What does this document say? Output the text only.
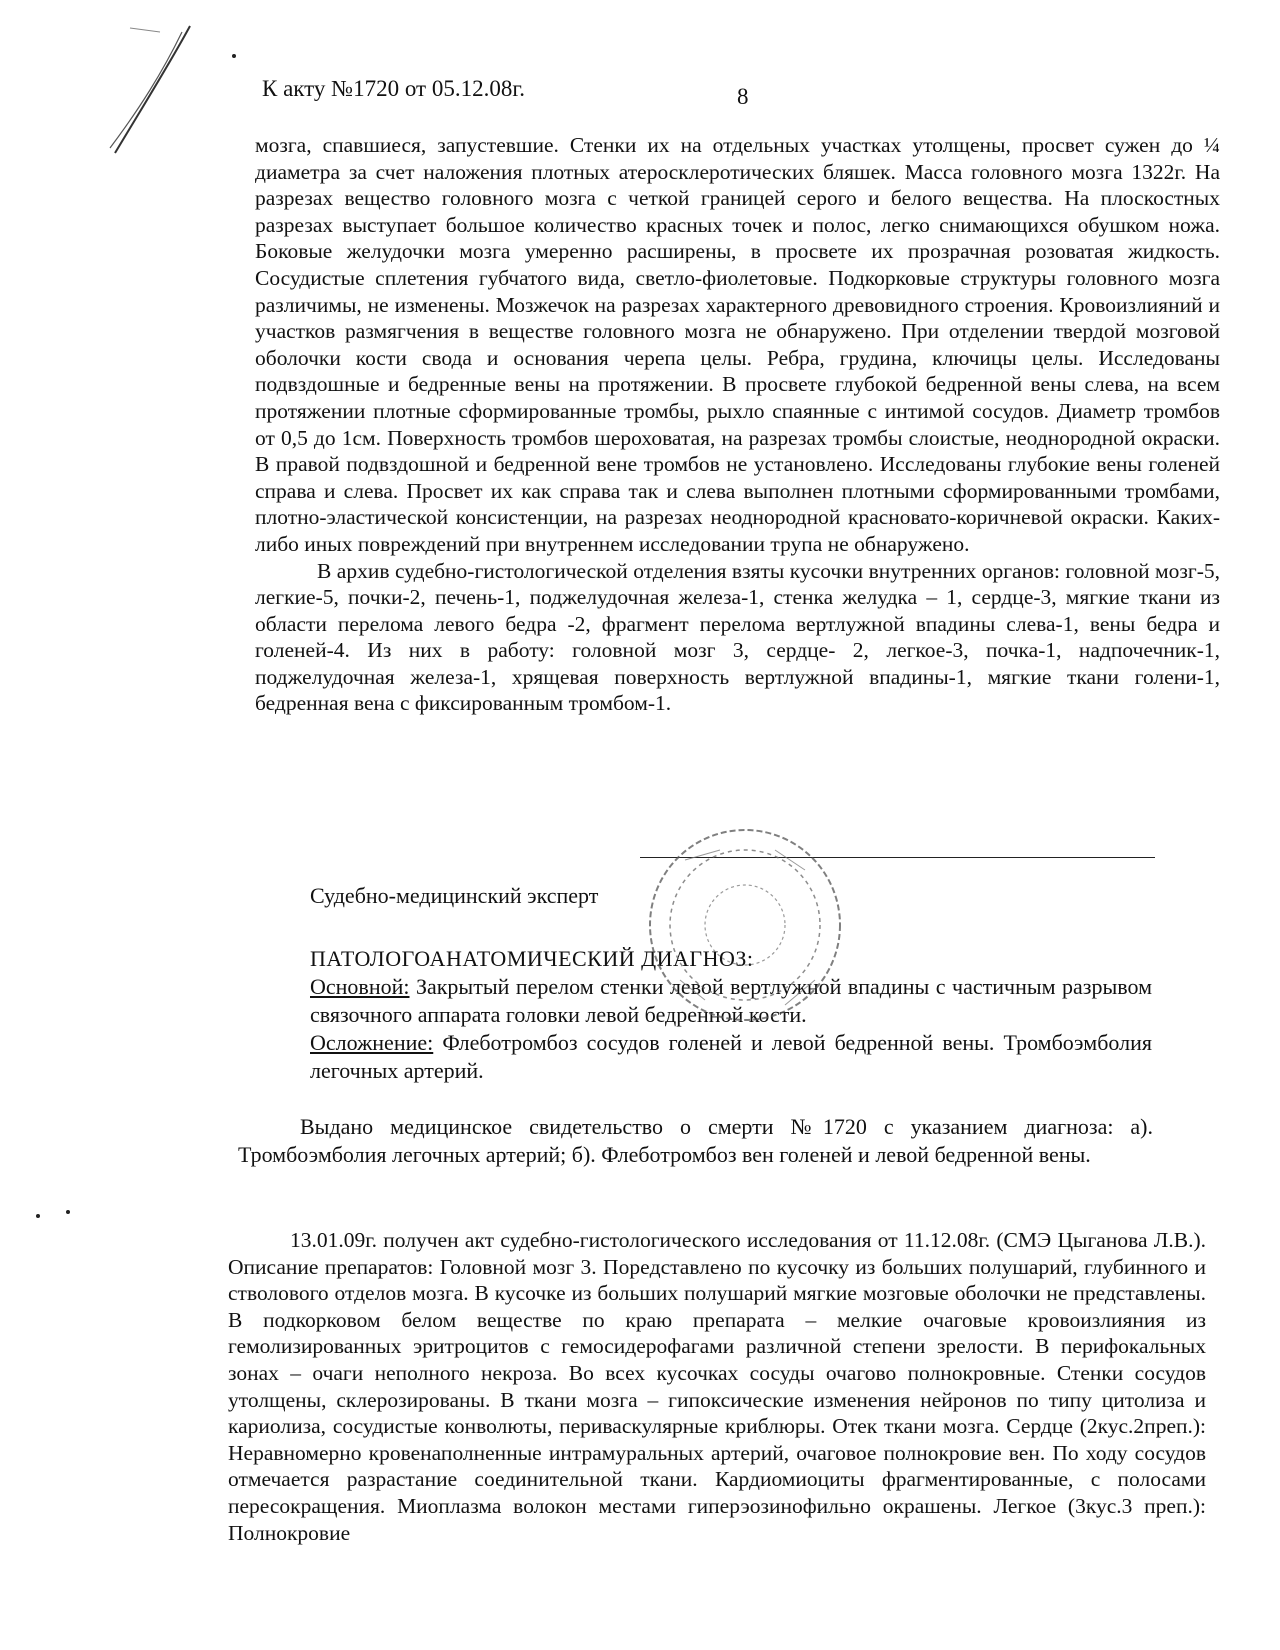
К акту №1720 от 05.12.08г.	8

мозга, спавшиеся, запустевшие. Стенки их на отдельных участках утолщены, просвет сужен до ¼ диаметра за счет наложения плотных атеросклеротических бляшек. Масса головного мозга 1322г. На разрезах вещество головного мозга с четкой границей серого и белого вещества. На плоскостных разрезах выступает большое количество красных точек и полос, легко снимающихся обушком ножа. Боковые желудочки мозга умеренно расширены, в просвете их прозрачная розоватая жидкость. Сосудистые сплетения губчатого вида, светло-фиолетовые. Подкорковые структуры головного мозга различимы, не изменены. Мозжечок на разрезах характерного древовидного строения. Кровоизлияний и участков размягчения в веществе головного мозга не обнаружено. При отделении твердой мозговой оболочки кости свода и основания черепа целы. Ребра, грудина, ключицы целы. Исследованы подвздошные и бедренные вены на протяжении. В просвете глубокой бедренной вены слева, на всем протяжении плотные сформированные тромбы, рыхло спаянные с интимой сосудов. Диаметр тромбов от 0,5 до 1см. Поверхность тромбов шероховатая, на разрезах тромбы слоистые, неоднородной окраски. В правой подвздошной и бедренной вене тромбов не установлено. Исследованы глубокие вены голеней справа и слева. Просвет их как справа так и слева выполнен плотными сформированными тромбами, плотно-эластической консистенции, на разрезах неоднородной красновато-коричневой окраски. Каких-либо иных повреждений при внутреннем исследовании трупа не обнаружено.

В архив судебно-гистологической отделения взяты кусочки внутренних органов: головной мозг-5, легкие-5, почки-2, печень-1, поджелудочная железа-1, стенка желудка – 1, сердце-3, мягкие ткани из области перелома левого бедра -2, фрагмент перелома вертлужной впадины слева-1, вены бедра и голеней-4. Из них в работу: головной мозг 3, сердце- 2, легкое-3, почка-1, надпочечник-1, поджелудочная железа-1, хрящевая поверхность вертлужной впадины-1, мягкие ткани голени-1, бедренная вена с фиксированным тромбом-1.

Судебно-медицинский эксперт

ПАТОЛОГОАНАТОМИЧЕСКИЙ ДИАГНОЗ:

Основной: Закрытый перелом стенки левой вертлужной впадины с частичным разрывом связочного аппарата головки левой бедренной кости.

Осложнение: Флеботромбоз сосудов голеней и левой бедренной вены. Тромбоэмболия легочных артерий.

Выдано медицинское свидетельство о смерти №1720 с указанием диагноза: а). Тромбоэмболия легочных артерий; б). Флеботромбоз вен голеней и левой бедренной вены.

13.01.09г. получен акт судебно-гистологического исследования от 11.12.08г. (СМЭ Цыганова Л.В.). Описание препаратов: Головной мозг 3. Порeдставлено по кусочку из больших полушарий, глубинного и стволового отделов мозга. В кусочке из больших полушарий мягкие мозговые оболочки не представлены. В подкорковом белом веществе по краю препарата – мелкие очаговые кровоизлияния из гемолизированных эритроцитов с гемосидерофагами различной степени зрелости. В перифокальных зонах – очаги неполного некроза. Во всех кусочках сосуды очагово полнокровные. Стенки сосудов утолщены, склерозированы. В ткани мозга – гипоксические изменения нейронов по типу цитолиза и кариолиза, сосудистые конволюты, периваскулярные криблюры. Отек ткани мозга. Сердце (2кус.2преп.): Неравномерно кровенаполненные интрамуральных артерий, очаговое полнокровие вен. По ходу сосудов отмечается разрастание соединительной ткани. Кардиомиоциты фрагментированные, с полосами пересокращения. Миоплазма волокон местами гиперэозинофильно окрашены. Легкое (3кус.3 преп.): Полнокровие
